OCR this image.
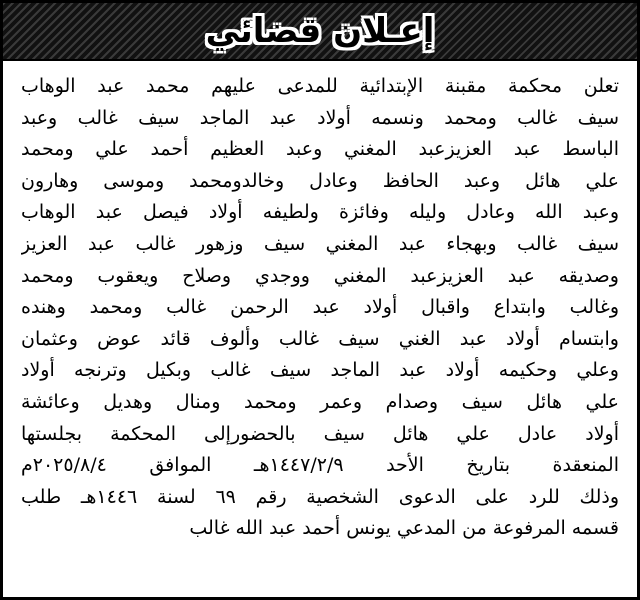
إعـلان قضائي
تعلن محكمة مقبنة الإبتدائية للمدعى عليهم محمد عبد الوهاب
سيف غالب ومحمد ونسمه أولاد عبد الماجد سيف غالب وعبد
الباسط عبد العزيزعبد المغني وعبد العظيم أحمد علي ومحمد
علي هائل وعبد الحافظ وعادل وخالدومحمد وموسى وهارون
وعبد الله وعادل وليله وفائزة ولطيفه أولاد فيصل عبد الوهاب
سيف غالب وبهجاء عبد المغني سيف وزهور غالب عبد العزيز
وصديقه عبد العزيزعبد المغني ووجدي وصلاح ويعقوب ومحمد
وغالب وابتداع واقبال أولاد عبد الرحمن غالب ومحمد وهنده
وابتسام أولاد عبد الغني سيف غالب وألوف قائد عوض وعثمان
وعلي وحكيمه أولاد عبد الماجد سيف غالب وبكيل وترنجه أولاد
علي هائل سيف وصدام وعمر ومحمد ومنال وهديل وعائشة
أولاد عادل علي هائل سيف بالحضورإلى المحكمة بجلستها
المنعقدة بتاريخ الأحد ١٤٤٧/٢/٩هـ الموافق ٢٠٢٥/٨/٤م
وذلك للرد على الدعوى الشخصية رقم ٦٩ لسنة ١٤٤٦هـ طلب
قسمه المرفوعة من المدعي يونس أحمد عبد الله غالب
